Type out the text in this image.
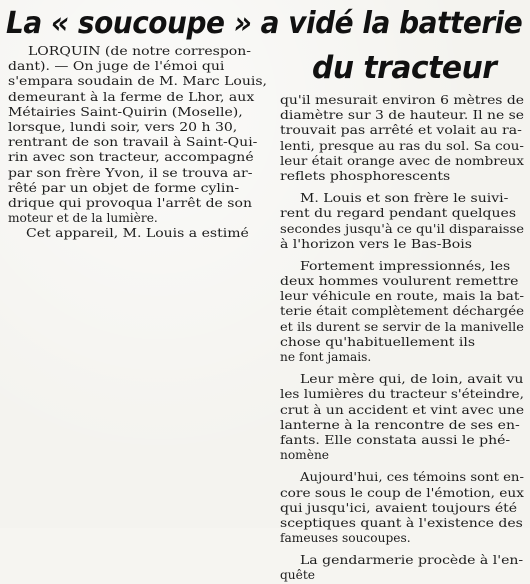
La « soucoupe » a vidé la batterie
du tracteur
LORQUIN (de notre correspon-
dant). — On juge de l'émoi qui
s'empara soudain de M. Marc Louis,
demeurant à la ferme de Lhor, aux
Métairies Saint-Quirin (Moselle),
lorsque, lundi soir, vers 20 h 30,
rentrant de son travail à Saint-Qui-
rin avec son tracteur, accompagné
par son frère Yvon, il se trouva ar-
rêté par un objet de forme cylin-
drique qui provoqua l'arrêt de son
moteur et de la lumière.
Cet appareil, M. Louis a estimé
qu'il mesurait environ 6 mètres de
diamètre sur 3 de hauteur. Il ne se
trouvait pas arrêté et volait au ra-
lenti, presque au ras du sol. Sa cou-
leur était orange avec de nombreux
reflets phosphorescents
M. Louis et son frère le suivi-
rent du regard pendant quelques
secondes jusqu'à ce qu'il disparaisse
à l'horizon vers le Bas-Bois
Fortement impressionnés, les
deux hommes voulurent remettre
leur véhicule en route, mais la bat-
terie était complètement déchargée
et ils durent se servir de la manivelle
chose qu'habituellement ils
ne font jamais.
Leur mère qui, de loin, avait vu
les lumières du tracteur s'éteindre,
crut à un accident et vint avec une
lanterne à la rencontre de ses en-
fants. Elle constata aussi le phé-
nomène
Aujourd'hui, ces témoins sont en-
core sous le coup de l'émotion, eux
qui jusqu'ici, avaient toujours été
sceptiques quant à l'existence des
fameuses soucoupes.
La gendarmerie procède à l'en-
quête
